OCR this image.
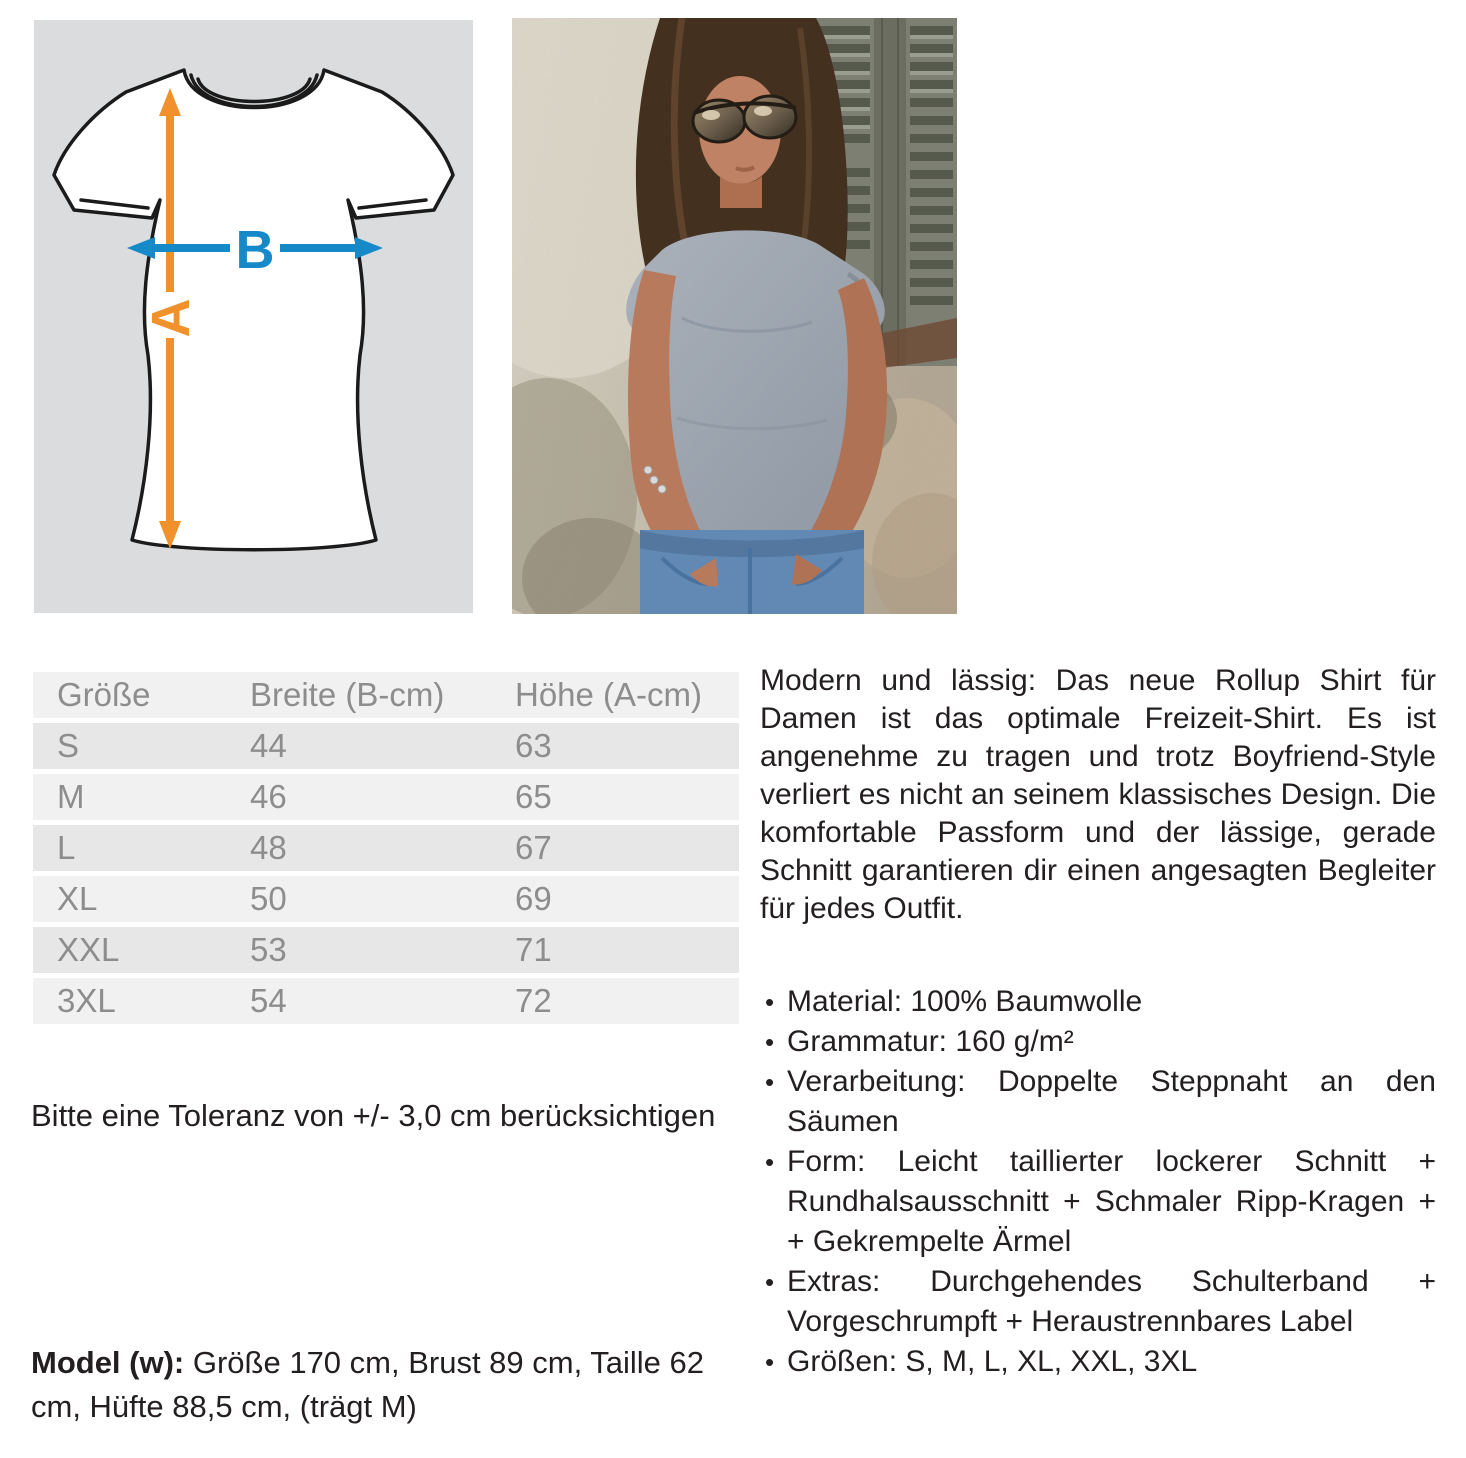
A
B
Größe	Breite (B-cm)	Höhe (A-cm)
S	44	63
M	46	65
L	48	67
XL	50	69
XXL	53	71
3XL	54	72
Bitte eine Toleranz von +/- 3,0 cm berücksichtigen

Modern und lässig: Das neue Rollup Shirt für Damen ist das optimale Freizeit-Shirt. Es ist angenehme zu tragen und trotz Boyfriend-Style verliert es nicht an seinem klassisches Design. Die komfortable Passform und der lässige, gerade Schnitt garantieren dir einen angesagten Begleiter für jedes Outfit.

• Material: 100% Baumwolle
• Grammatur: 160 g/m²
• Verarbeitung: Doppelte Steppnaht an den Säumen
• Form: Leicht taillierter lockerer Schnitt + Rundhalsausschnitt + Schmaler Ripp-Kragen + + Gekrempelte Ärmel
• Extras: Durchgehendes Schulterband + Vorgeschrumpft + Heraustrennbares Label
• Größen: S, M, L, XL, XXL, 3XL
Model (w): Größe 170 cm, Brust 89 cm, Taille 62 cm, Hüfte 88,5 cm, (trägt M)
